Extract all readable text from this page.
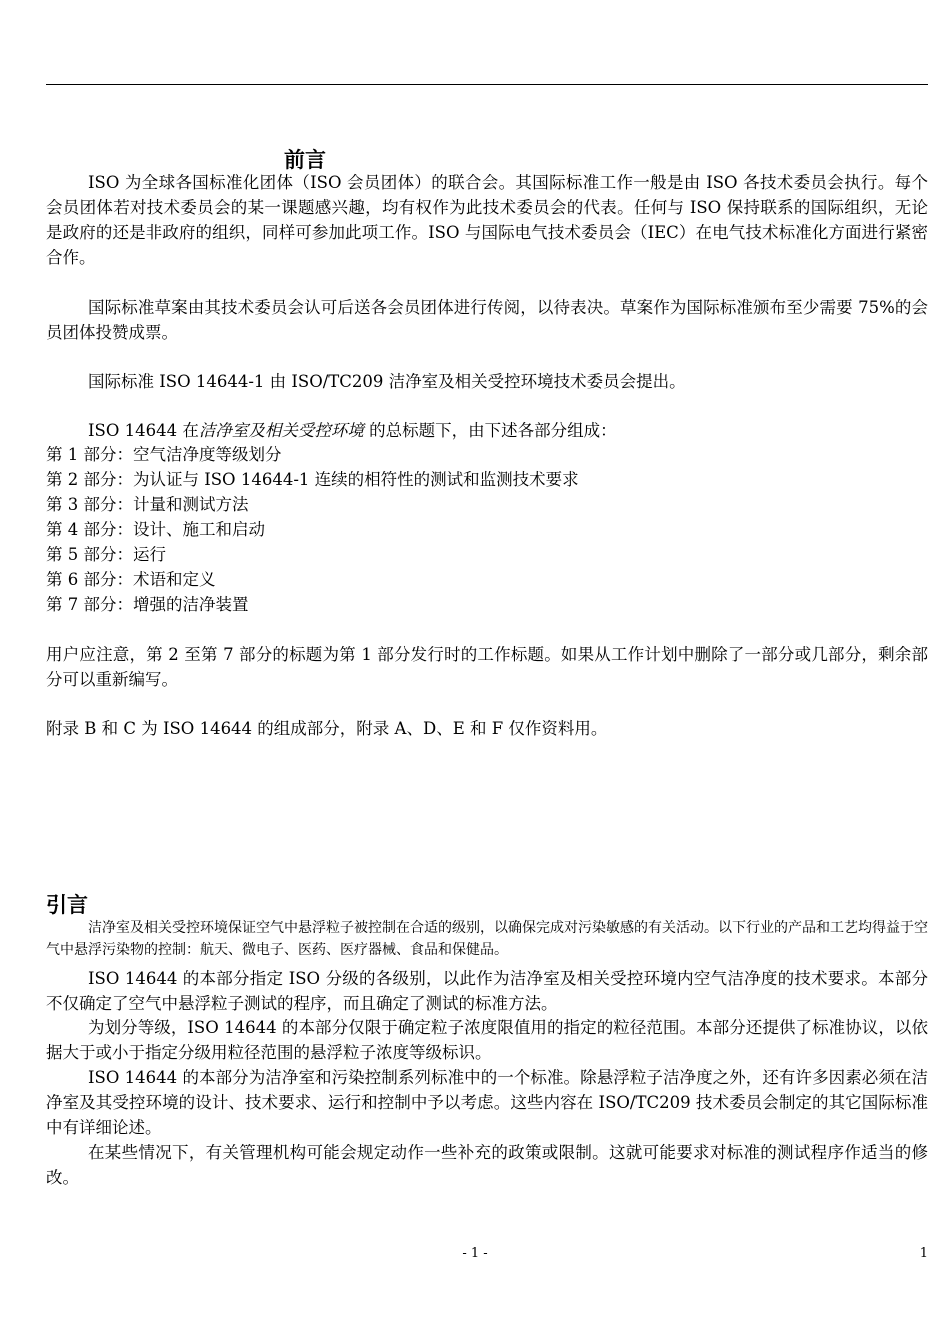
前言

ISO 为全球各国标准化团体（ISO 会员团体）的联合会。其国际标准工作一般是由 ISO 各技术委员会执行。每个会员团体若对技术委员会的某一课题感兴趣，均有权作为此技术委员会的代表。任何与 ISO 保持联系的国际组织，无论是政府的还是非政府的组织，同样可参加此项工作。ISO 与国际电气技术委员会（IEC）在电气技术标准化方面进行紧密合作。

国际标准草案由其技术委员会认可后送各会员团体进行传阅，以待表决。草案作为国际标准颁布至少需要 75%的会员团体投赞成票。

国际标准 ISO 14644-1 由 ISO/TC209 洁净室及相关受控环境技术委员会提出。

ISO 14644 在洁净室及相关受控环境 的总标题下，由下述各部分组成：

第 1 部分：空气洁净度等级划分
第 2 部分：为认证与 ISO 14644-1 连续的相符性的测试和监测技术要求
第 3 部分：计量和测试方法
第 4 部分：设计、施工和启动
第 5 部分：运行
第 6 部分：术语和定义
第 7 部分：增强的洁净装置

用户应注意，第 2 至第 7 部分的标题为第 1 部分发行时的工作标题。如果从工作计划中删除了一部分或几部分，剩余部分可以重新编写。

附录 B 和 C 为 ISO 14644 的组成部分，附录 A、D、E 和 F 仅作资料用。

引言

洁净室及相关受控环境保证空气中悬浮粒子被控制在合适的级别，以确保完成对污染敏感的有关活动。以下行业的产品和工艺均得益于空气中悬浮污染物的控制：航天、微电子、医药、医疗器械、食品和保健品。

ISO 14644 的本部分指定 ISO 分级的各级别，以此作为洁净室及相关受控环境内空气洁净度的技术要求。本部分不仅确定了空气中悬浮粒子测试的程序，而且确定了测试的标准方法。

为划分等级，ISO 14644 的本部分仅限于确定粒子浓度限值用的指定的粒径范围。本部分还提供了标准协议，以依据大于或小于指定分级用粒径范围的悬浮粒子浓度等级标识。

ISO 14644 的本部分为洁净室和污染控制系列标准中的一个标准。除悬浮粒子洁净度之外，还有许多因素必须在洁净室及其受控环境的设计、技术要求、运行和控制中予以考虑。这些内容在 ISO/TC209 技术委员会制定的其它国际标准中有详细论述。

在某些情况下，有关管理机构可能会规定动作一些补充的政策或限制。这就可能要求对标准的测试程序作适当的修改。

- 1 -	1
